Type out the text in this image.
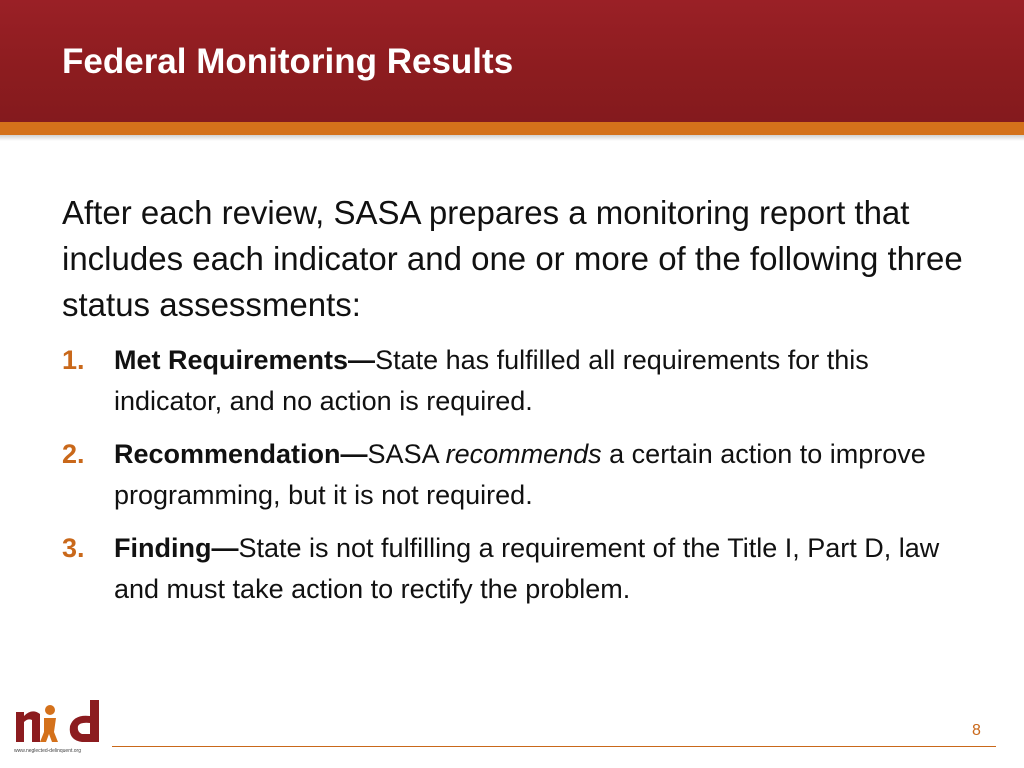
Federal Monitoring Results

After each review, SASA prepares a monitoring report that includes each indicator and one or more of the following three status assessments:

1. Met Requirements—State has fulfilled all requirements for this indicator, and no action is required.
2. Recommendation—SASA recommends a certain action to improve programming, but it is not required.
3. Finding—State is not fulfilling a requirement of the Title I, Part D, law and must take action to rectify the problem.
www.neglected-delinquent.org
8
